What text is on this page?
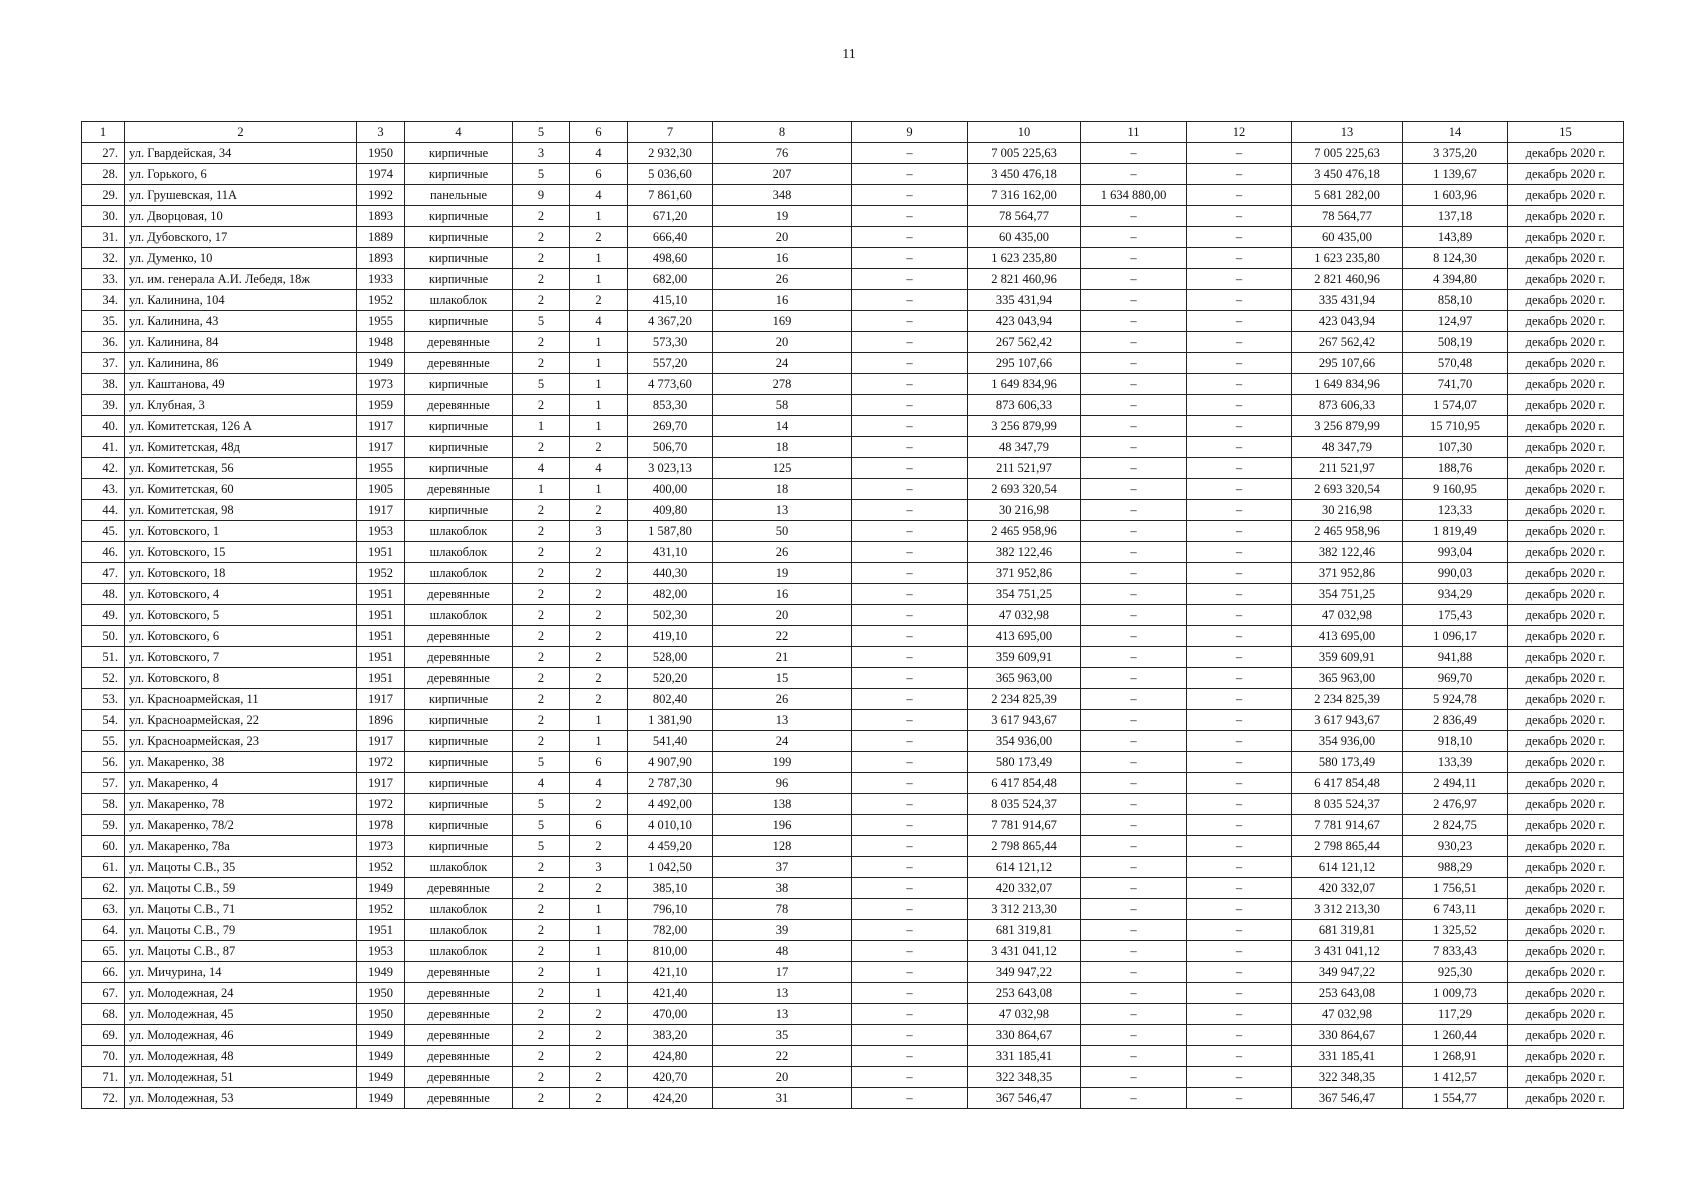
11
1	2	3	4	5	6	7	8	9	10	11	12	13	14	15
27.	ул. Гвардейская, 34	1950	кирпичные	3	4	2 932,30	76	–	7 005 225,63	–	–	7 005 225,63	3 375,20	декабрь 2020 г.
28.	ул. Горького, 6	1974	кирпичные	5	6	5 036,60	207	–	3 450 476,18	–	–	3 450 476,18	1 139,67	декабрь 2020 г.
29.	ул. Грушевская, 11А	1992	панельные	9	4	7 861,60	348	–	7 316 162,00	1 634 880,00	–	5 681 282,00	1 603,96	декабрь 2020 г.
30.	ул. Дворцовая, 10	1893	кирпичные	2	1	671,20	19	–	78 564,77	–	–	78 564,77	137,18	декабрь 2020 г.
31.	ул. Дубовского, 17	1889	кирпичные	2	2	666,40	20	–	60 435,00	–	–	60 435,00	143,89	декабрь 2020 г.
32.	ул. Думенко, 10	1893	кирпичные	2	1	498,60	16	–	1 623 235,80	–	–	1 623 235,80	8 124,30	декабрь 2020 г.
33.	ул. им. генерала А.И. Лебедя, 18ж	1933	кирпичные	2	1	682,00	26	–	2 821 460,96	–	–	2 821 460,96	4 394,80	декабрь 2020 г.
34.	ул. Калинина, 104	1952	шлакоблок	2	2	415,10	16	–	335 431,94	–	–	335 431,94	858,10	декабрь 2020 г.
35.	ул. Калинина, 43	1955	кирпичные	5	4	4 367,20	169	–	423 043,94	–	–	423 043,94	124,97	декабрь 2020 г.
36.	ул. Калинина, 84	1948	деревянные	2	1	573,30	20	–	267 562,42	–	–	267 562,42	508,19	декабрь 2020 г.
37.	ул. Калинина, 86	1949	деревянные	2	1	557,20	24	–	295 107,66	–	–	295 107,66	570,48	декабрь 2020 г.
38.	ул. Каштанова, 49	1973	кирпичные	5	1	4 773,60	278	–	1 649 834,96	–	–	1 649 834,96	741,70	декабрь 2020 г.
39.	ул. Клубная, 3	1959	деревянные	2	1	853,30	58	–	873 606,33	–	–	873 606,33	1 574,07	декабрь 2020 г.
40.	ул. Комитетская, 126 А	1917	кирпичные	1	1	269,70	14	–	3 256 879,99	–	–	3 256 879,99	15 710,95	декабрь 2020 г.
41.	ул. Комитетская, 48д	1917	кирпичные	2	2	506,70	18	–	48 347,79	–	–	48 347,79	107,30	декабрь 2020 г.
42.	ул. Комитетская, 56	1955	кирпичные	4	4	3 023,13	125	–	211 521,97	–	–	211 521,97	188,76	декабрь 2020 г.
43.	ул. Комитетская, 60	1905	деревянные	1	1	400,00	18	–	2 693 320,54	–	–	2 693 320,54	9 160,95	декабрь 2020 г.
44.	ул. Комитетская, 98	1917	кирпичные	2	2	409,80	13	–	30 216,98	–	–	30 216,98	123,33	декабрь 2020 г.
45.	ул. Котовского, 1	1953	шлакоблок	2	3	1 587,80	50	–	2 465 958,96	–	–	2 465 958,96	1 819,49	декабрь 2020 г.
46.	ул. Котовского, 15	1951	шлакоблок	2	2	431,10	26	–	382 122,46	–	–	382 122,46	993,04	декабрь 2020 г.
47.	ул. Котовского, 18	1952	шлакоблок	2	2	440,30	19	–	371 952,86	–	–	371 952,86	990,03	декабрь 2020 г.
48.	ул. Котовского, 4	1951	деревянные	2	2	482,00	16	–	354 751,25	–	–	354 751,25	934,29	декабрь 2020 г.
49.	ул. Котовского, 5	1951	шлакоблок	2	2	502,30	20	–	47 032,98	–	–	47 032,98	175,43	декабрь 2020 г.
50.	ул. Котовского, 6	1951	деревянные	2	2	419,10	22	–	413 695,00	–	–	413 695,00	1 096,17	декабрь 2020 г.
51.	ул. Котовского, 7	1951	деревянные	2	2	528,00	21	–	359 609,91	–	–	359 609,91	941,88	декабрь 2020 г.
52.	ул. Котовского, 8	1951	деревянные	2	2	520,20	15	–	365 963,00	–	–	365 963,00	969,70	декабрь 2020 г.
53.	ул. Красноармейская, 11	1917	кирпичные	2	2	802,40	26	–	2 234 825,39	–	–	2 234 825,39	5 924,78	декабрь 2020 г.
54.	ул. Красноармейская, 22	1896	кирпичные	2	1	1 381,90	13	–	3 617 943,67	–	–	3 617 943,67	2 836,49	декабрь 2020 г.
55.	ул. Красноармейская, 23	1917	кирпичные	2	1	541,40	24	–	354 936,00	–	–	354 936,00	918,10	декабрь 2020 г.
56.	ул. Макаренко, 38	1972	кирпичные	5	6	4 907,90	199	–	580 173,49	–	–	580 173,49	133,39	декабрь 2020 г.
57.	ул. Макаренко, 4	1917	кирпичные	4	4	2 787,30	96	–	6 417 854,48	–	–	6 417 854,48	2 494,11	декабрь 2020 г.
58.	ул. Макаренко, 78	1972	кирпичные	5	2	4 492,00	138	–	8 035 524,37	–	–	8 035 524,37	2 476,97	декабрь 2020 г.
59.	ул. Макаренко, 78/2	1978	кирпичные	5	6	4 010,10	196	–	7 781 914,67	–	–	7 781 914,67	2 824,75	декабрь 2020 г.
60.	ул. Макаренко, 78а	1973	кирпичные	5	2	4 459,20	128	–	2 798 865,44	–	–	2 798 865,44	930,23	декабрь 2020 г.
61.	ул. Мацоты С.В., 35	1952	шлакоблок	2	3	1 042,50	37	–	614 121,12	–	–	614 121,12	988,29	декабрь 2020 г.
62.	ул. Мацоты С.В., 59	1949	деревянные	2	2	385,10	38	–	420 332,07	–	–	420 332,07	1 756,51	декабрь 2020 г.
63.	ул. Мацоты С.В., 71	1952	шлакоблок	2	1	796,10	78	–	3 312 213,30	–	–	3 312 213,30	6 743,11	декабрь 2020 г.
64.	ул. Мацоты С.В., 79	1951	шлакоблок	2	1	782,00	39	–	681 319,81	–	–	681 319,81	1 325,52	декабрь 2020 г.
65.	ул. Мацоты С.В., 87	1953	шлакоблок	2	1	810,00	48	–	3 431 041,12	–	–	3 431 041,12	7 833,43	декабрь 2020 г.
66.	ул. Мичурина, 14	1949	деревянные	2	1	421,10	17	–	349 947,22	–	–	349 947,22	925,30	декабрь 2020 г.
67.	ул. Молодежная, 24	1950	деревянные	2	1	421,40	13	–	253 643,08	–	–	253 643,08	1 009,73	декабрь 2020 г.
68.	ул. Молодежная, 45	1950	деревянные	2	2	470,00	13	–	47 032,98	–	–	47 032,98	117,29	декабрь 2020 г.
69.	ул. Молодежная, 46	1949	деревянные	2	2	383,20	35	–	330 864,67	–	–	330 864,67	1 260,44	декабрь 2020 г.
70.	ул. Молодежная, 48	1949	деревянные	2	2	424,80	22	–	331 185,41	–	–	331 185,41	1 268,91	декабрь 2020 г.
71.	ул. Молодежная, 51	1949	деревянные	2	2	420,70	20	–	322 348,35	–	–	322 348,35	1 412,57	декабрь 2020 г.
72.	ул. Молодежная, 53	1949	деревянные	2	2	424,20	31	–	367 546,47	–	–	367 546,47	1 554,77	декабрь 2020 г.
